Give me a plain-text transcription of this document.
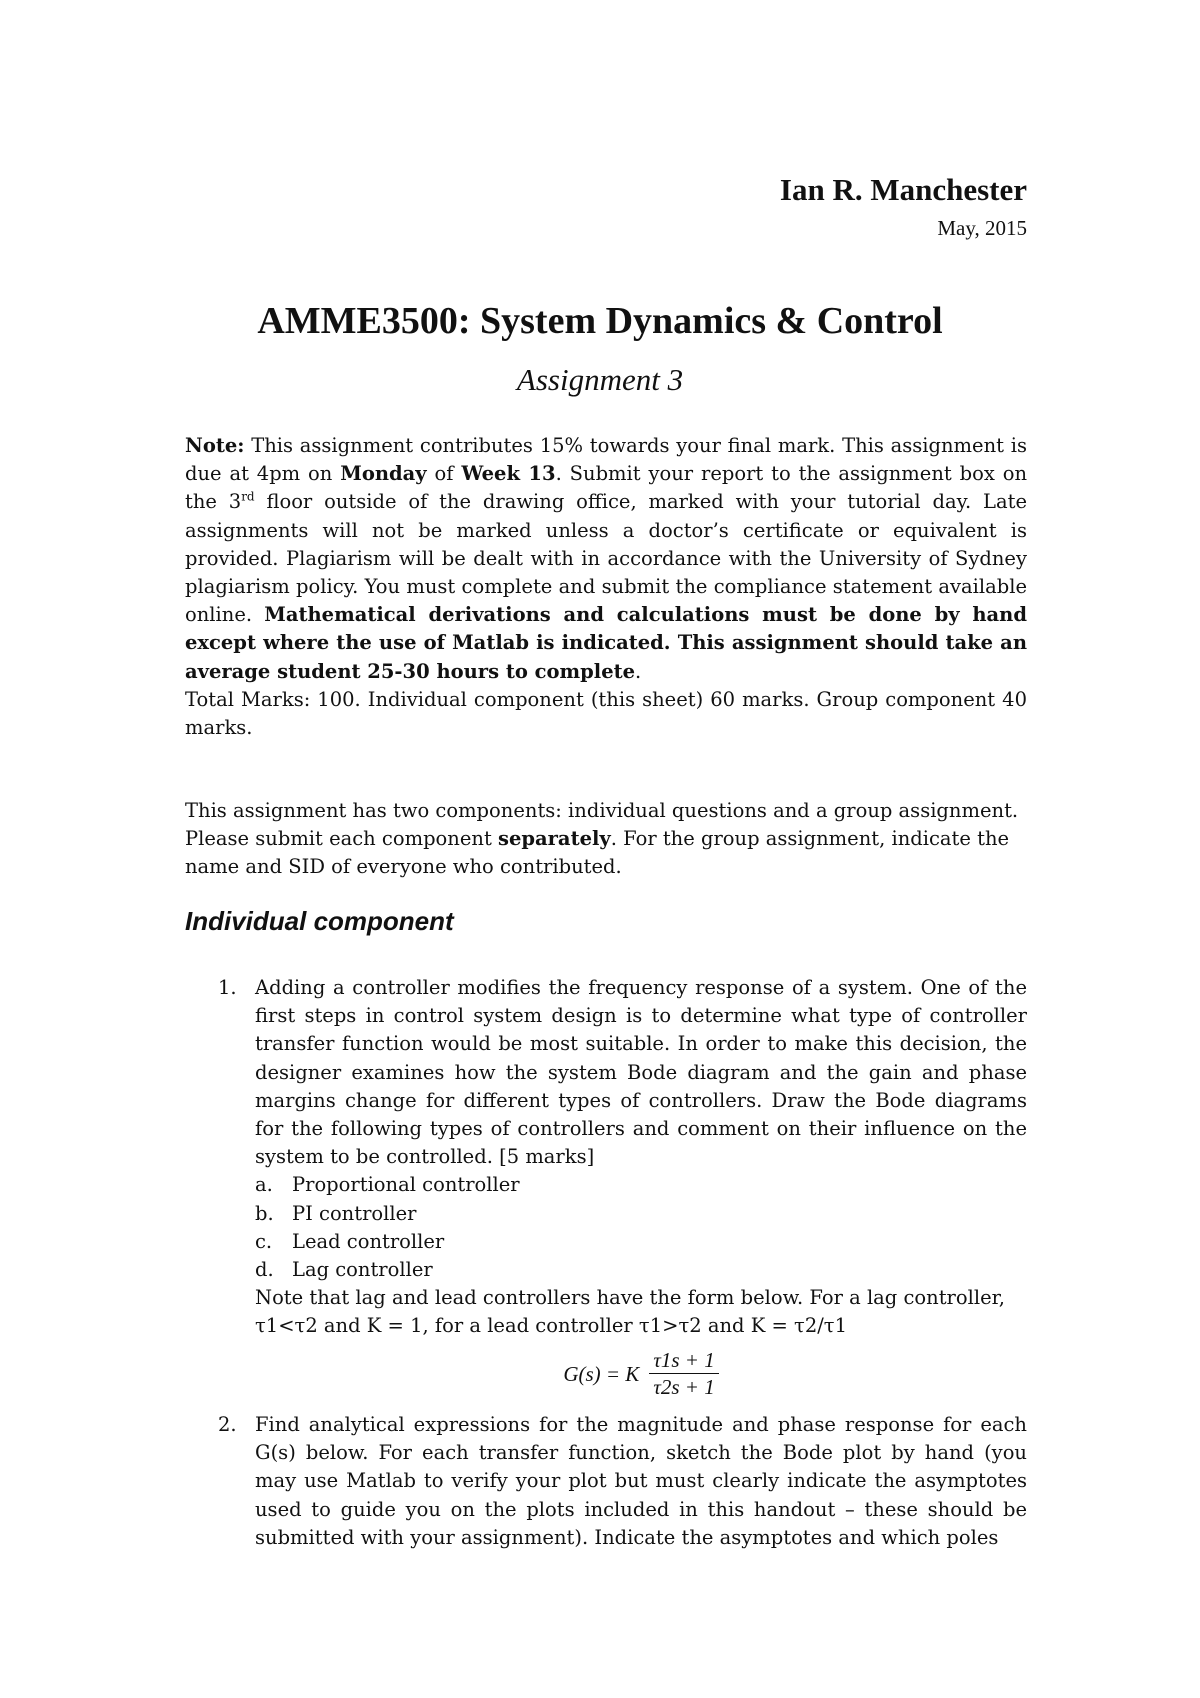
Ian R. Manchester
May, 2015
AMME3500: System Dynamics & Control
Assignment 3
Note: This assignment contributes 15% towards your final mark. This assignment is due at 4pm on Monday of Week 13. Submit your report to the assignment box on the 3rd floor outside of the drawing office, marked with your tutorial day. Late assignments will not be marked unless a doctor’s certificate or equivalent is provided. Plagiarism will be dealt with in accordance with the University of Sydney plagiarism policy. You must complete and submit the compliance statement available online. Mathematical derivations and calculations must be done by hand except where the use of Matlab is indicated. This assignment should take an average student 25-30 hours to complete.
Total Marks: 100. Individual component (this sheet) 60 marks. Group component 40 marks.
This assignment has two components: individual questions and a group assignment. Please submit each component separately. For the group assignment, indicate the name and SID of everyone who contributed.
Individual component
1. Adding a controller modifies the frequency response of a system. One of the first steps in control system design is to determine what type of controller transfer function would be most suitable. In order to make this decision, the designer examines how the system Bode diagram and the gain and phase margins change for different types of controllers. Draw the Bode diagrams for the following types of controllers and comment on their influence on the system to be controlled. [5 marks]
a. Proportional controller
b. PI controller
c. Lead controller
d. Lag controller
Note that lag and lead controllers have the form below. For a lag controller,
τ1<τ2 and K = 1, for a lead controller τ1>τ2 and K = τ2/τ1
G(s) = K $\frac{\tau 1s + 1}{\tau 2s + 1}$
2. Find analytical expressions for the magnitude and phase response for each G(s) below. For each transfer function, sketch the Bode plot by hand (you may use Matlab to verify your plot but must clearly indicate the asymptotes used to guide you on the plots included in this handout – these should be submitted with your assignment). Indicate the asymptotes and which poles
